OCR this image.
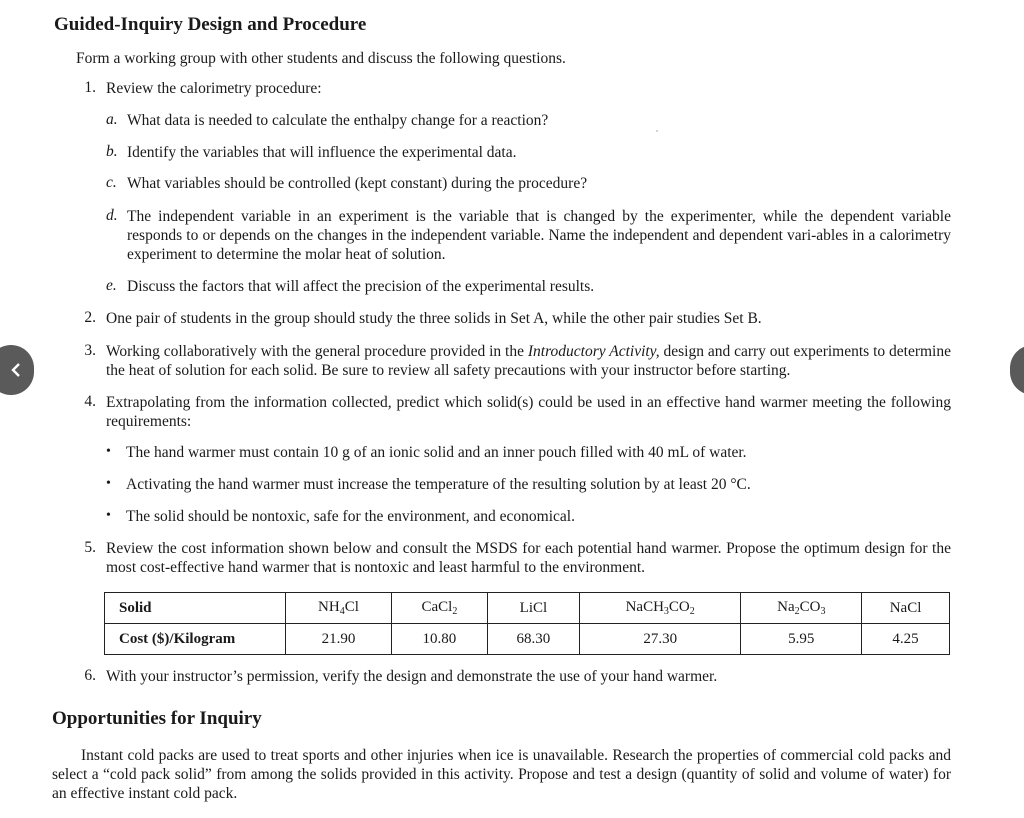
Guided-Inquiry Design and Procedure
Form a working group with other students and discuss the following questions.
1. Review the calorimetry procedure:
a. What data is needed to calculate the enthalpy change for a reaction?
b. Identify the variables that will influence the experimental data.
c. What variables should be controlled (kept constant) during the procedure?
d. The independent variable in an experiment is the variable that is changed by the experimenter, while the dependent variable responds to or depends on the changes in the independent variable. Name the independent and dependent vari-ables in a calorimetry experiment to determine the molar heat of solution.
e. Discuss the factors that will affect the precision of the experimental results.
2. One pair of students in the group should study the three solids in Set A, while the other pair studies Set B.
3. Working collaboratively with the general procedure provided in the Introductory Activity, design and carry out experiments to determine the heat of solution for each solid. Be sure to review all safety precautions with your instructor before starting.
4. Extrapolating from the information collected, predict which solid(s) could be used in an effective hand warmer meeting the following requirements:
• The hand warmer must contain 10 g of an ionic solid and an inner pouch filled with 40 mL of water.
• Activating the hand warmer must increase the temperature of the resulting solution by at least 20 °C.
• The solid should be nontoxic, safe for the environment, and economical.
5. Review the cost information shown below and consult the MSDS for each potential hand warmer. Propose the optimum design for the most cost-effective hand warmer that is nontoxic and least harmful to the environment.
Solid	$NH_4Cl$	CaCl$_2$	LiCl	$NaCH_3CO_2$	$Na_2CO_3$	NaCl
Cost ($)/Kilogram	21.90	10.80	68.30	27.30	5.95	4.25
6. With your instructor’s permission, verify the design and demonstrate the use of your hand warmer.
Opportunities for Inquiry
Instant cold packs are used to treat sports and other injuries when ice is unavailable. Research the properties of commercial cold packs and select a “cold pack solid” from among the solids provided in this activity. Propose and test a design (quantity of solid and volume of water) for an effective instant cold pack.
